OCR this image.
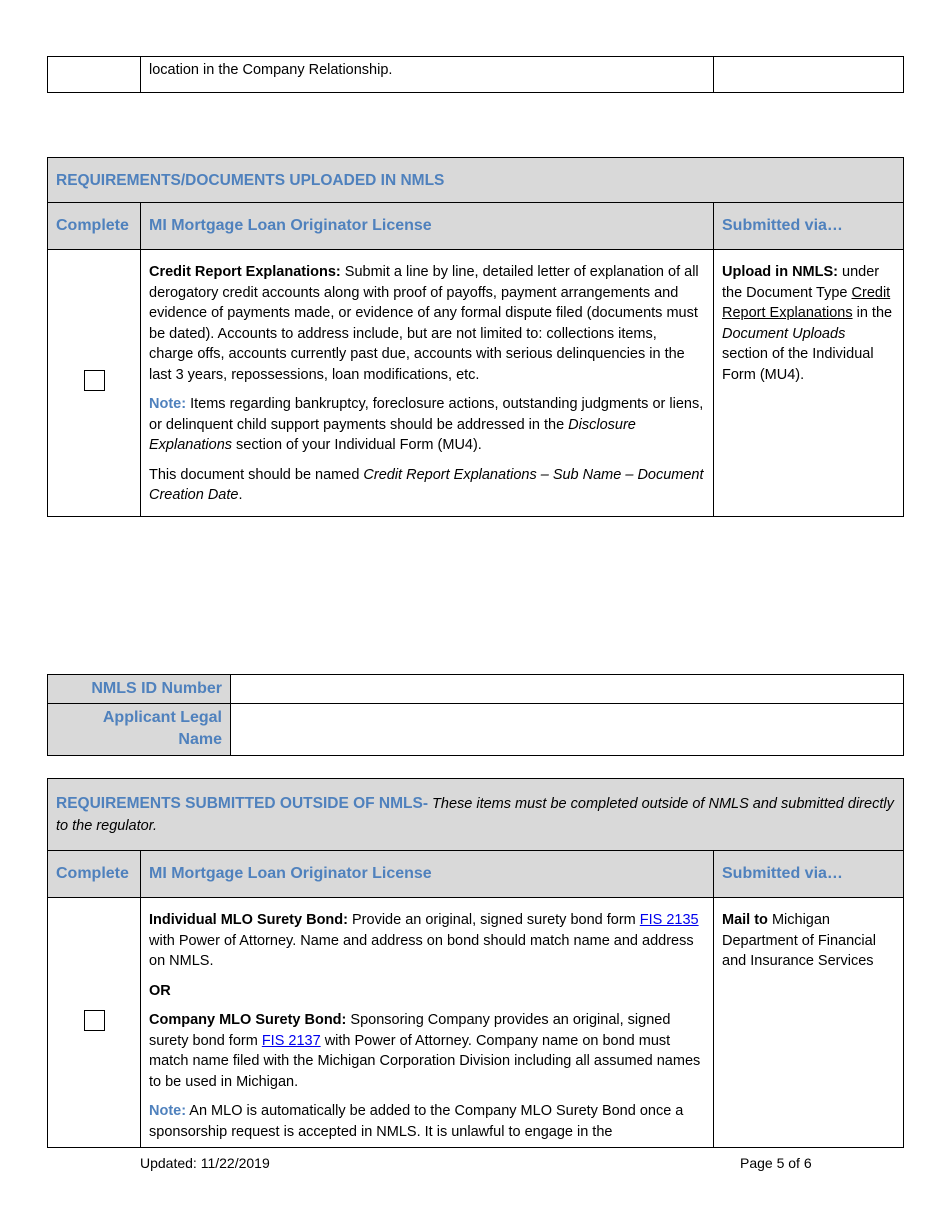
	location in the Company Relationship.	
REQUIREMENTS/DOCUMENTS UPLOADED IN NMLS		
Complete	MI Mortgage Loan Originator License	Submitted via…

	Credit Report Explanations: Submit a line by line, detailed letter of explanation of all derogatory credit accounts along with proof of payoffs, payment arrangements and evidence of payments made, or evidence of any formal dispute filed (documents must be dated). Accounts to address include, but are not limited to: collections items, charge offs, accounts currently past due, accounts with serious delinquencies in the last 3 years, repossessions, loan modifications, etc.

Note: Items regarding bankruptcy, foreclosure actions, outstanding judgments or liens, or delinquent child support payments should be addressed in the Disclosure Explanations section of your Individual Form (MU4).

This document should be named Credit Report Explanations – Sub Name – Document Creation Date.	Upload in NMLS: under the Document Type Credit Report Explanations in the Document Uploads section of the Individual Form (MU4).
NMLS ID Number	
Applicant Legal Name	
REQUIREMENTS SUBMITTED OUTSIDE OF NMLS- These items must be completed outside of NMLS and submitted directly to the regulator.		
Complete	MI Mortgage Loan Originator License	Submitted via…

	Individual MLO Surety Bond: Provide an original, signed surety bond form FIS 2135 with Power of Attorney. Name and address on bond should match name and address on NMLS.

OR

Company MLO Surety Bond: Sponsoring Company provides an original, signed surety bond form FIS 2137 with Power of Attorney. Company name on bond must match name filed with the Michigan Corporation Division including all assumed names to be used in Michigan.

Note: An MLO is automatically be added to the Company MLO Surety Bond once a sponsorship request is accepted in NMLS. It is unlawful to engage in the	Mail to Michigan Department of Financial and Insurance Services
Updated: 11/22/2019	Page 5 of 6
